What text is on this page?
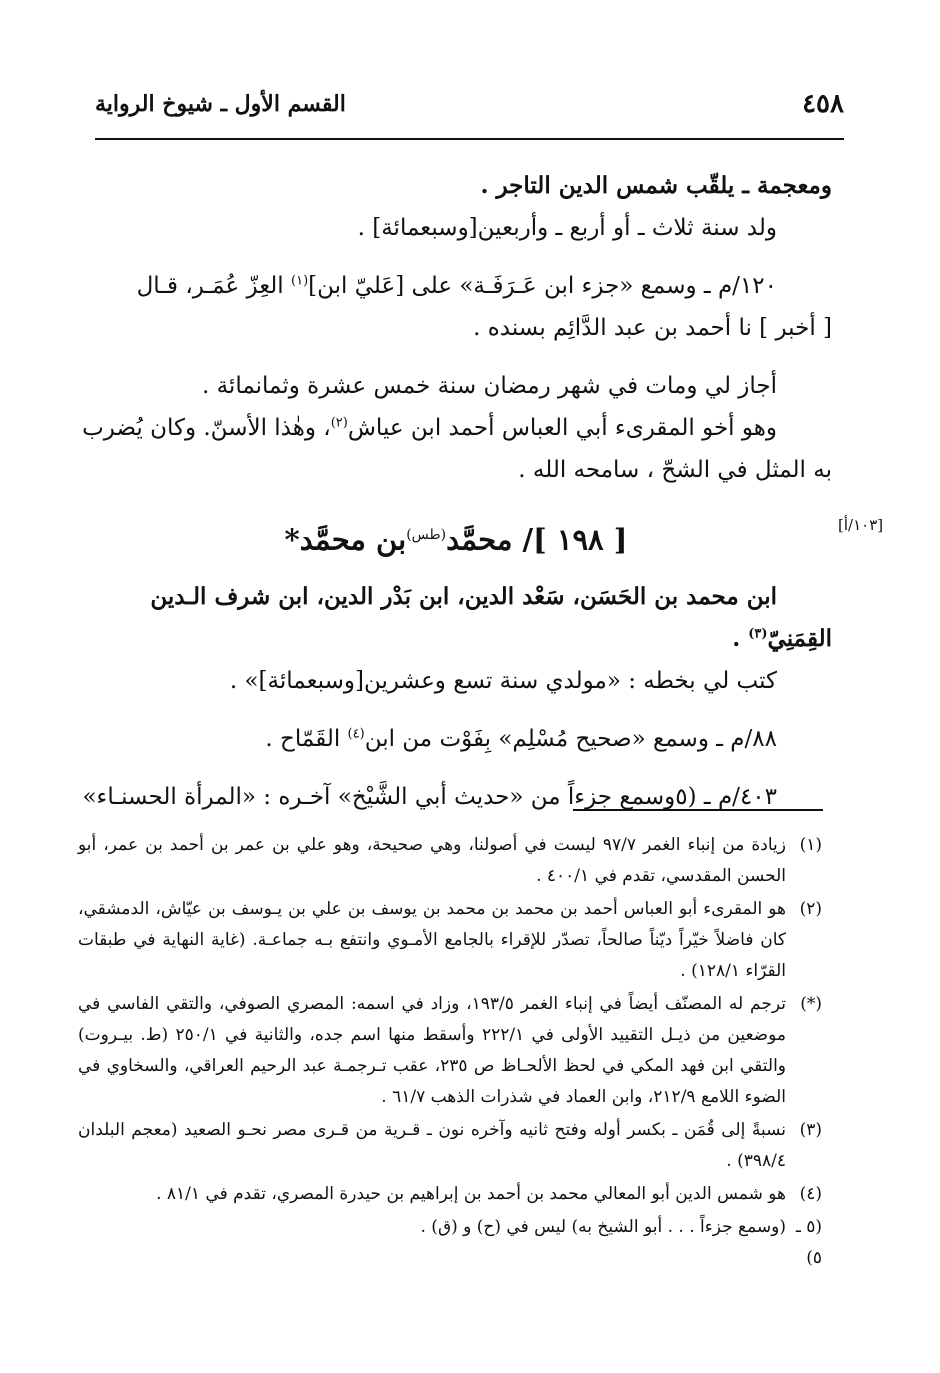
٤٥٨
القسم الأول ـ شيوخ الرواية
[١٠٣/أ]

ومعجمة ـ يلقّب شمس الدين التاجر .

ولد سنة ثلاث ـ أو أربع ـ وأربعين[وسبعمائة] .

١٢٠/م ـ وسمع «جزء ابن عَـرَفَـة» على [عَليّ ابن]$^{(١)}$ العِزّ عُمَـر، قـال

[ أخبر ] نا أحمد بن عبد الدَّائِم بسنده .

أجاز لي ومات في شهر رمضان سنة خمس عشرة وثمانمائة .

وهو أخو المقرىء أبي العباس أحمد ابن عياش$^{(٢)}$، وهٰذا الأسنّ. وكان يُضرب

به المثل في الشحّ ، سامحه الله .

[ ١٩٨ ]/ محمَّد$^{(طس)}$بن محمَّد*

ابن محمد بن الحَسَن، سَعْد الدين، ابن بَدْر الدين، ابن شرف الـدين

القِمَنِيّ$^{(٣)}$ .

كتب لي بخطه : «مولدي سنة تسع وعشرين[وسبعمائة]» .

٨٨/م ـ وسمع «صحيح مُسْلِم» بِفَوْت من ابن$^{(٤)}$ القَمّاح .

٤٠٣/م ـ (٥وسمع جزءاً من «حديث أبي الشَّيْخ» آخـره : «المرأة الحسنـاء»

(١)
زيادة من إنباء الغمر ٩٧/٧ ليست في أصولنا، وهي صحيحة، وهو علي بن عمر بن أحمد بن عمر، أبو الحسن المقدسي، تقدم في ٤٠٠/١ .
(٢)
هو المقرىء أبو العباس أحمد بن محمد بن محمد بن يوسف بن علي بن يـوسف بن عيّاش، الدمشقي، كان فاضلاً خيّراً ديّناً صالحاً، تصدّر للإقراء بالجامع الأمـوي وانتفع بـه جماعـة. (غاية النهاية في طبقات القرّاء ١٢٨/١) .
(*)
ترجم له المصنّف أيضاً في إنباء الغمر ١٩٣/٥، وزاد في اسمه: المصري الصوفي، والتقي الفاسي في موضعين من ذيـل التقييد الأولى في ٢٢٢/١ وأسقط منها اسم جده، والثانية في ٢٥٠/١ (ط. بيـروت) والتقي ابن فهد المكي في لحظ الألحـاظ ص ٢٣٥، عقب تـرجمـة عبد الرحيم العراقي، والسخاوي في الضوء اللامع ٢١٢/٩، وابن العماد في شذرات الذهب ٦١/٧ .
(٣)
نسبةً إلى قُمَن ـ بكسر أوله وفتح ثانيه وآخره نون ـ قـرية من قـرى مصر نحـو الصعيد (معجم البلدان ٣٩٨/٤) .
(٤)
هو شمس الدين أبو المعالي محمد بن أحمد بن إبراهيم بن حيدرة المصري، تقدم في ٨١/١ .
(٥ ـ ٥)
(وسمع جزءاً . . . أبو الشيخ به) ليس في (ح) و (ق) .
